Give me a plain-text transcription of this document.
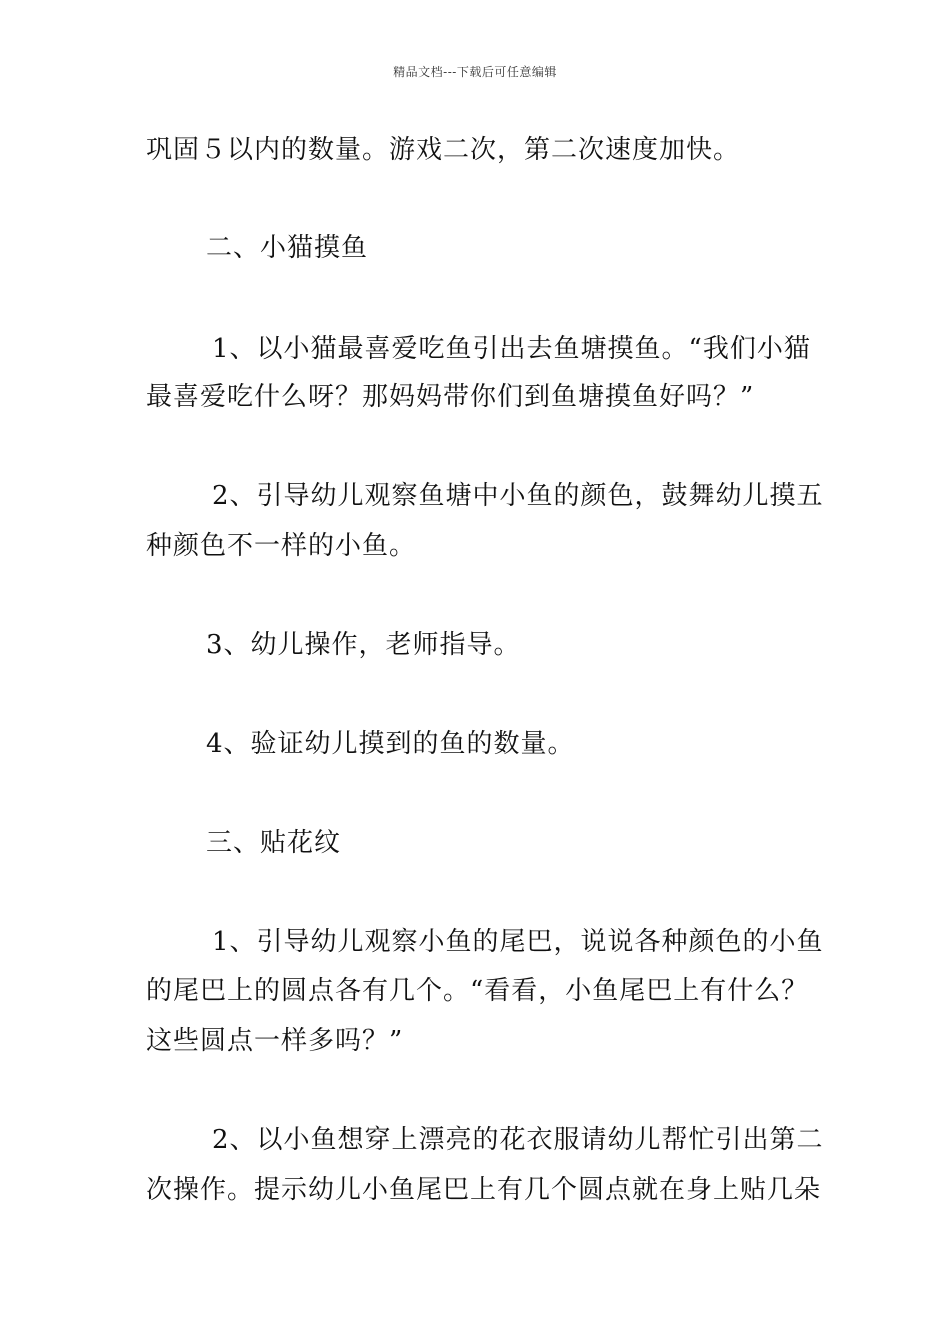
精品文档---下载后可任意编辑
巩固５以内的数量。游戏二次，第二次速度加快。
二、小猫摸鱼
1、以小猫最喜爱吃鱼引出去鱼塘摸鱼。“我们小猫
最喜爱吃什么呀？那妈妈带你们到鱼塘摸鱼好吗？”
2、引导幼儿观察鱼塘中小鱼的颜色，鼓舞幼儿摸五
种颜色不一样的小鱼。
3、幼儿操作，老师指导。
4、验证幼儿摸到的鱼的数量。
三、贴花纹
1、引导幼儿观察小鱼的尾巴，说说各种颜色的小鱼
的尾巴上的圆点各有几个。“看看，小鱼尾巴上有什么？
这些圆点一样多吗？”
2、以小鱼想穿上漂亮的花衣服请幼儿帮忙引出第二
次操作。提示幼儿小鱼尾巴上有几个圆点就在身上贴几朵
